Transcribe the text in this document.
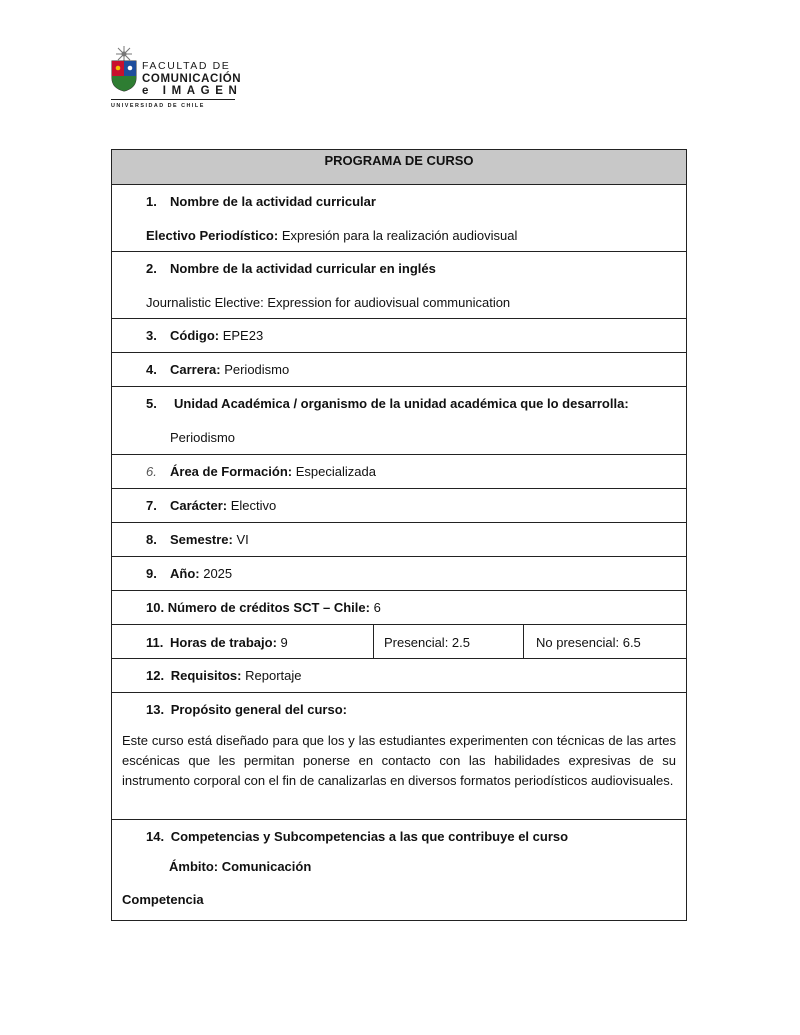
FACULTAD DE
COMUNICACIÓN
e IMAGEN
UNIVERSIDAD DE CHILE
PROGRAMA DE CURSO
1. Nombre de la actividad curricular
Electivo Periodístico: Expresión para la realización audiovisual
2. Nombre de la actividad curricular en inglés
Journalistic Elective: Expression for audiovisual communication
3. Código: EPE23
4. Carrera: Periodismo
5. Unidad Académica / organismo de la unidad académica que lo desarrolla:
Periodismo
6. Área de Formación: Especializada
7. Carácter: Electivo
8. Semestre: VI
9. Año: 2025
10. Número de créditos SCT – Chile: 6
11. Horas de trabajo: 9	Presencial: 2.5	No presencial: 6.5
12. Requisitos: Reportaje
13. Propósito general del curso:
Este curso está diseñado para que los y las estudiantes experimenten con técnicas de las artes escénicas que les permitan ponerse en contacto con las habilidades expresivas de su instrumento corporal con el fin de canalizarlas en diversos formatos periodísticos audiovisuales.
14. Competencias y Subcompetencias a las que contribuye el curso
Ámbito: Comunicación
Competencia
